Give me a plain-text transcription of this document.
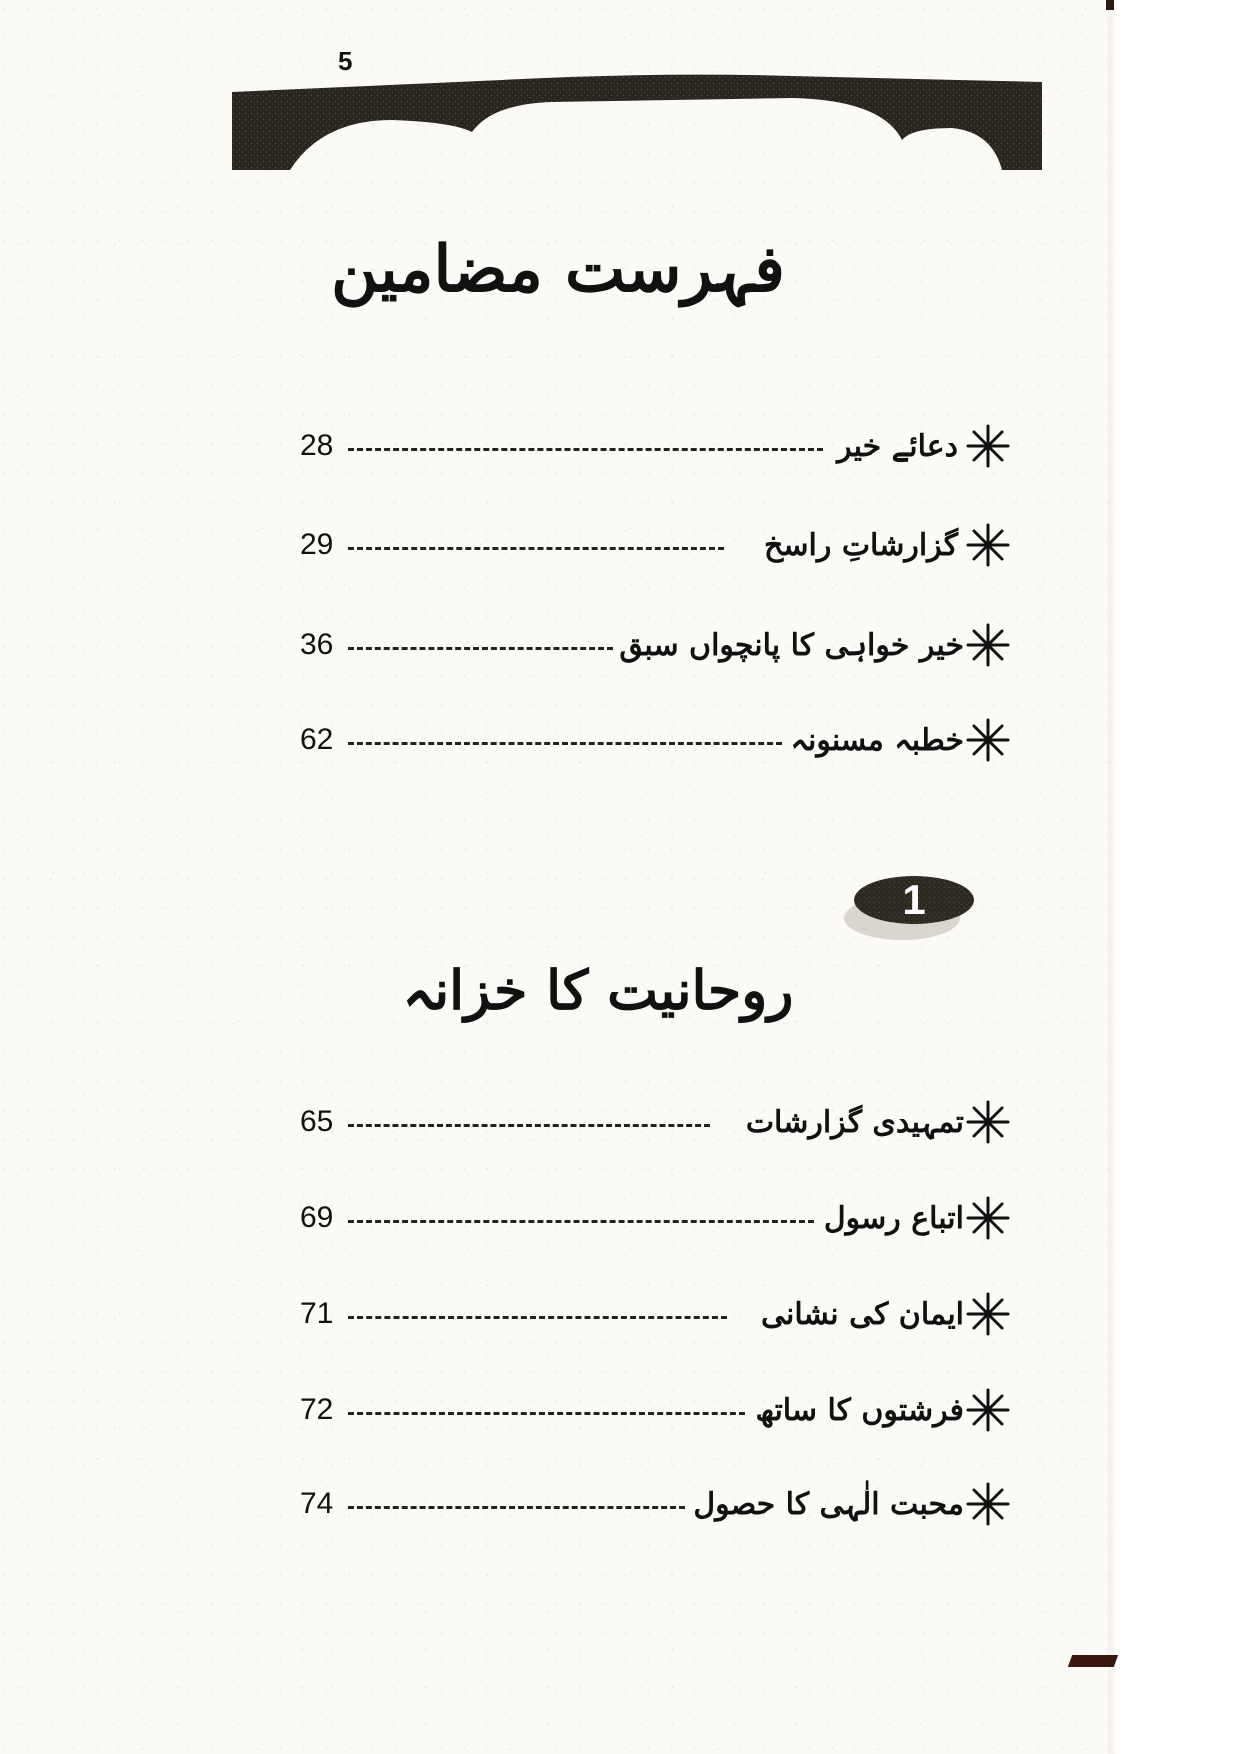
5
فہرست مضامین
28	دعائے خیر
29	گزارشاتِ راسخ
36	خیر خواہی کا پانچواں سبق
62	خطبہ مسنونہ
1
روحانیت کا خزانہ
65	تمہیدی گزارشات
69	اتباع رسول
71	ایمان کی نشانی
72	فرشتوں کا ساتھ
74	محبت الٰہی کا حصول
